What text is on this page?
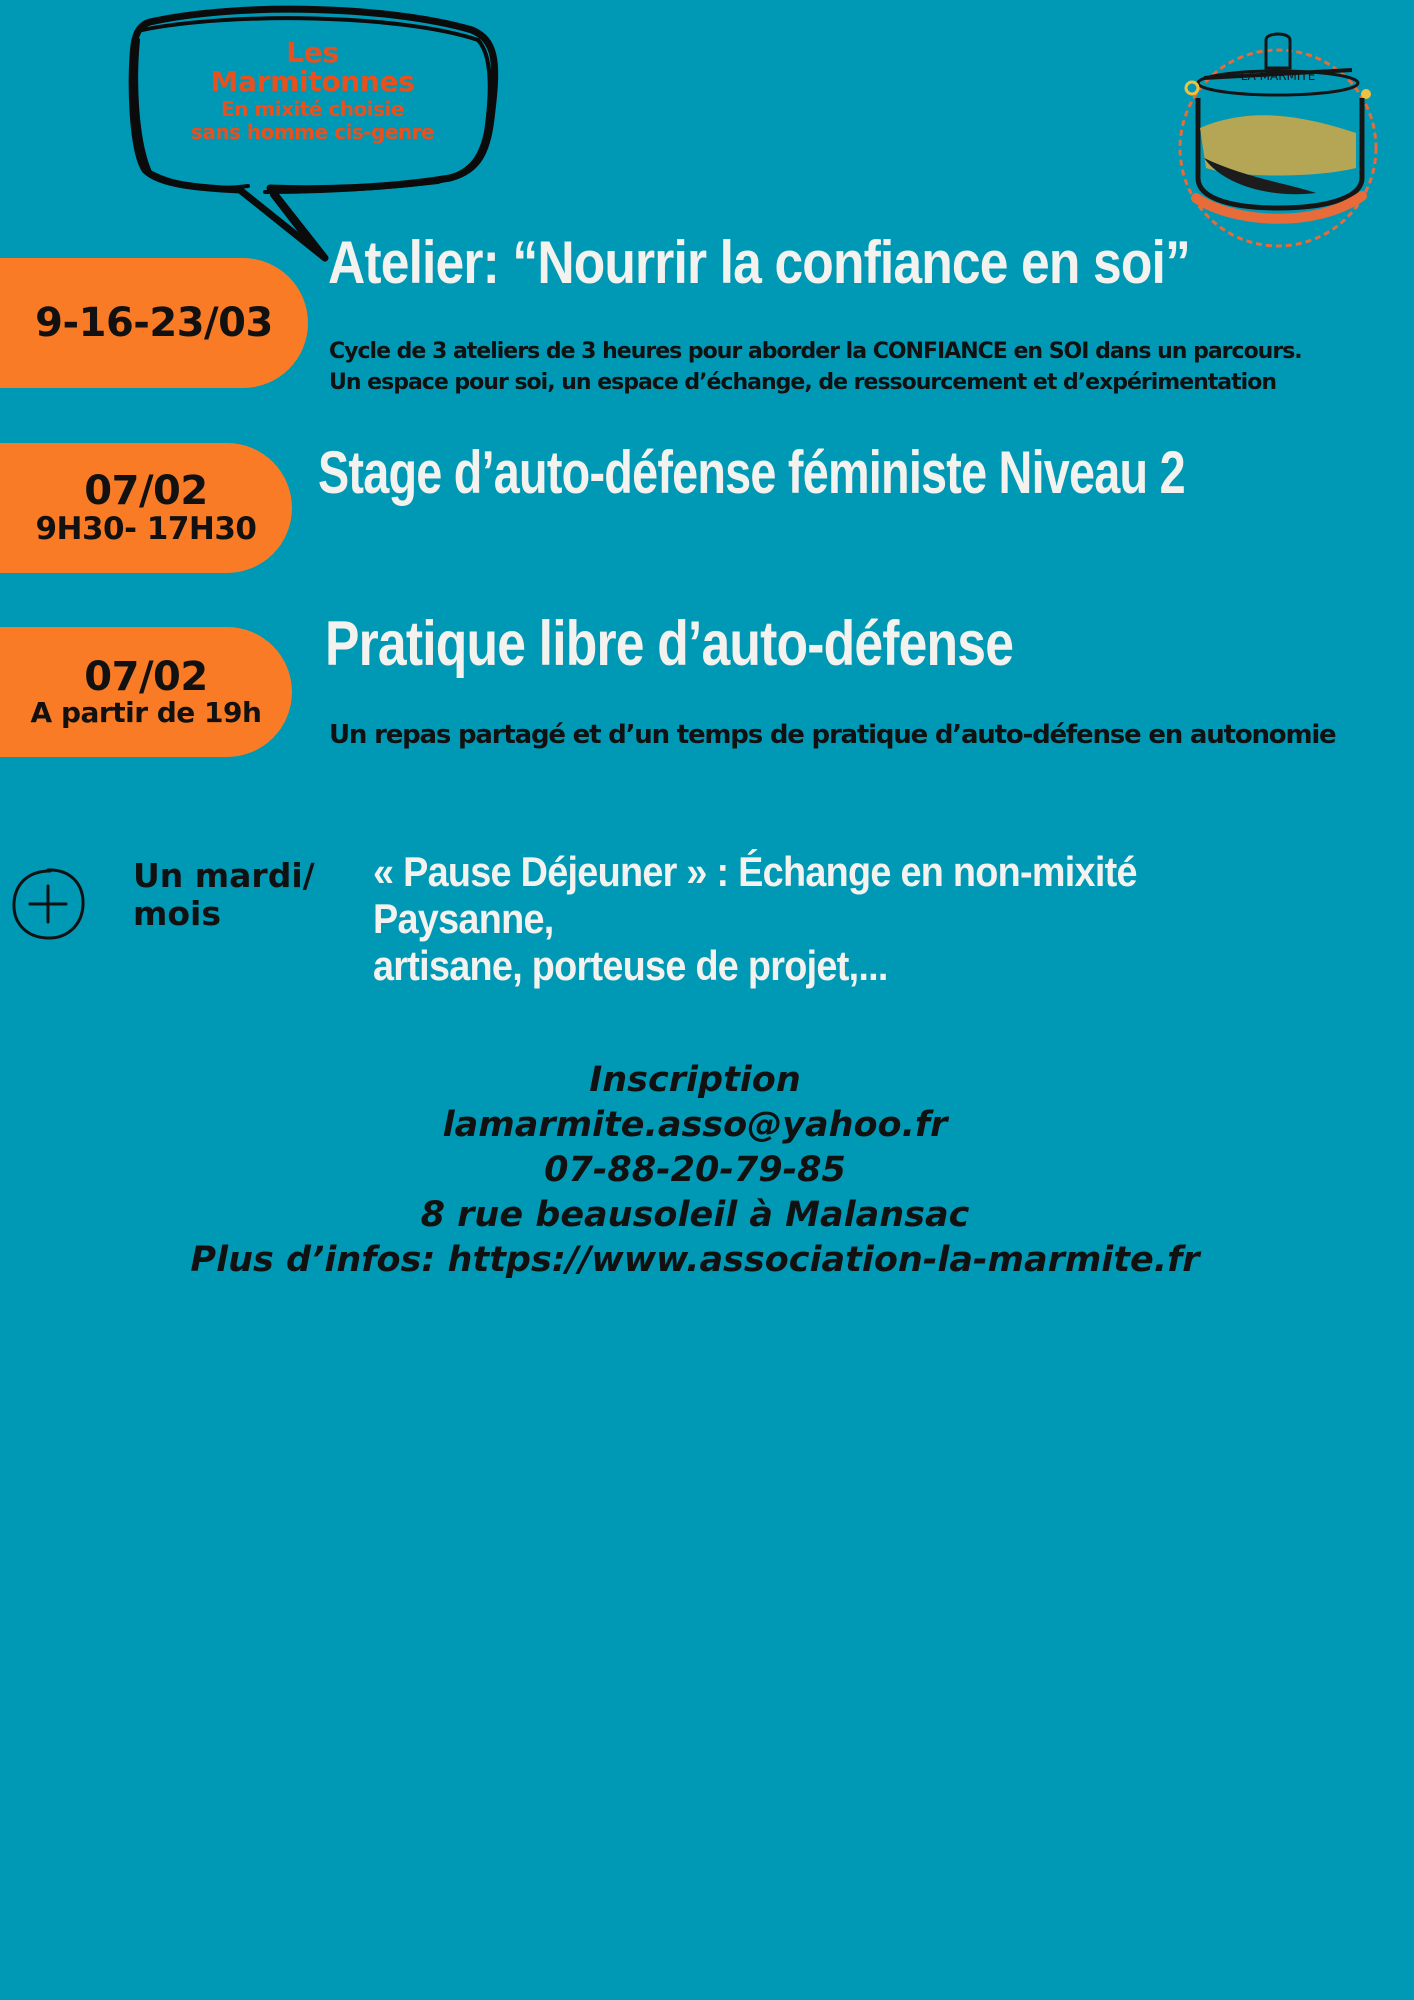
Les
Marmitonnes
En mixité choisie
sans homme cis-genre
LA MARMITE
9-16-23/03
Atelier: “Nourrir la confiance en soi”
Cycle de 3 ateliers de 3 heures pour aborder la CONFIANCE en SOI dans un parcours.
Un espace pour soi, un espace d’échange, de ressourcement et d’expérimentation
07/02
9H30- 17H30
Stage d’auto-défense féministe Niveau 2
07/02
A partir de 19h
Pratique libre d’auto-défense
Un repas partagé et d’un temps de pratique d’auto-défense en autonomie
Un mardi/
mois
« Pause Déjeuner » : Échange en non-mixité Paysanne,
artisane, porteuse de projet,...
Inscription
lamarmite.asso@yahoo.fr
07-88-20-79-85
8 rue beausoleil à Malansac
Plus d’infos: https://www.association-la-marmite.fr
